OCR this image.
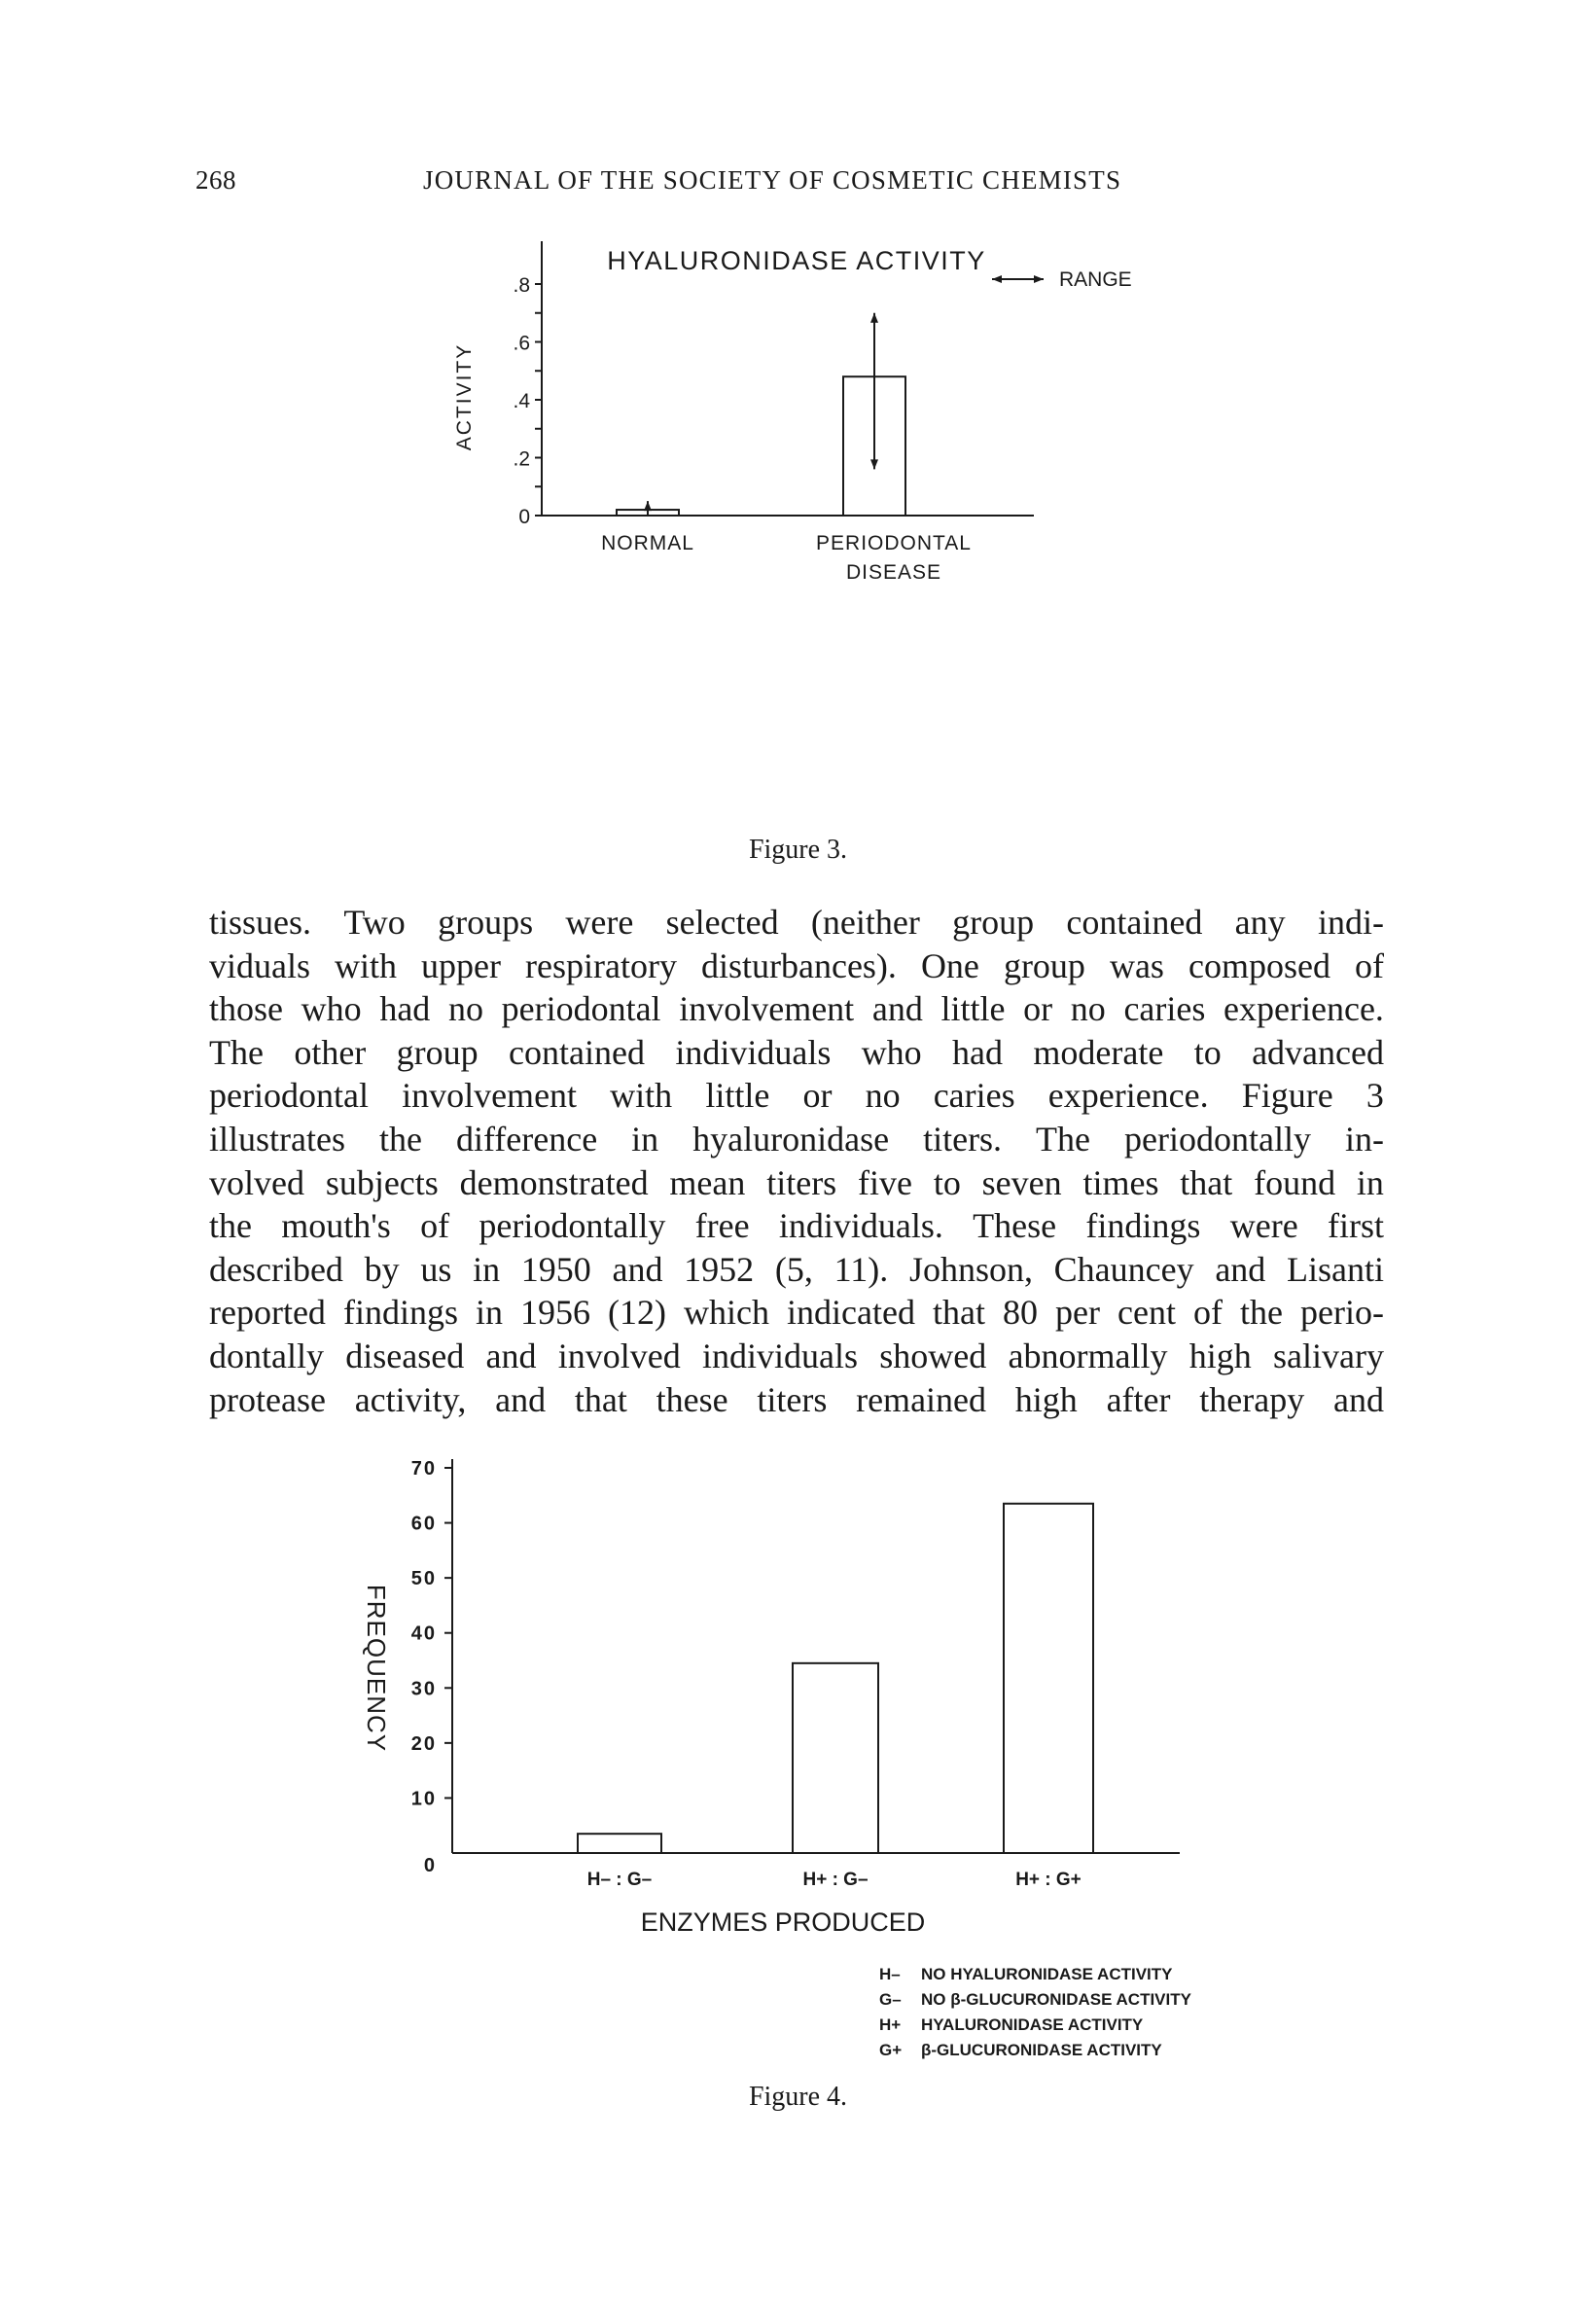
268	JOURNAL OF THE SOCIETY OF COSMETIC CHEMISTS
HYALURONIDASE ACTIVITY
0
.2
.4
.6
.8
ACTIVITY
NORMAL	PERIODONTAL
DISEASE
RANGE
Figure 3.
tissues. Two groups were selected (neither group contained any indi-
viduals with upper respiratory disturbances). One group was composed of
those who had no periodontal involvement and little or no caries experience.
The other group contained individuals who had moderate to advanced
periodontal involvement with little or no caries experience. Figure 3
illustrates the difference in hyaluronidase titers. The periodontally in-
volved subjects demonstrated mean titers five to seven times that found in
the mouth's of periodontally free individuals. These findings were first
described by us in 1950 and 1952 (5, 11). Johnson, Chauncey and Lisanti
reported findings in 1956 (12) which indicated that 80 per cent of the perio-
dontally diseased and involved individuals showed abnormally high salivary
protease activity, and that these titers remained high after therapy and
0
10
20
30
40
50
60
70
FREQUENCY
H– : G–	H+ : G–	H+ : G+
ENZYMES PRODUCED
H– NO HYALURONIDASE ACTIVITY
G– NO β-GLUCURONIDASE ACTIVITY
H+ HYALURONIDASE ACTIVITY
G+ β-GLUCURONIDASE ACTIVITY
Figure 4.
